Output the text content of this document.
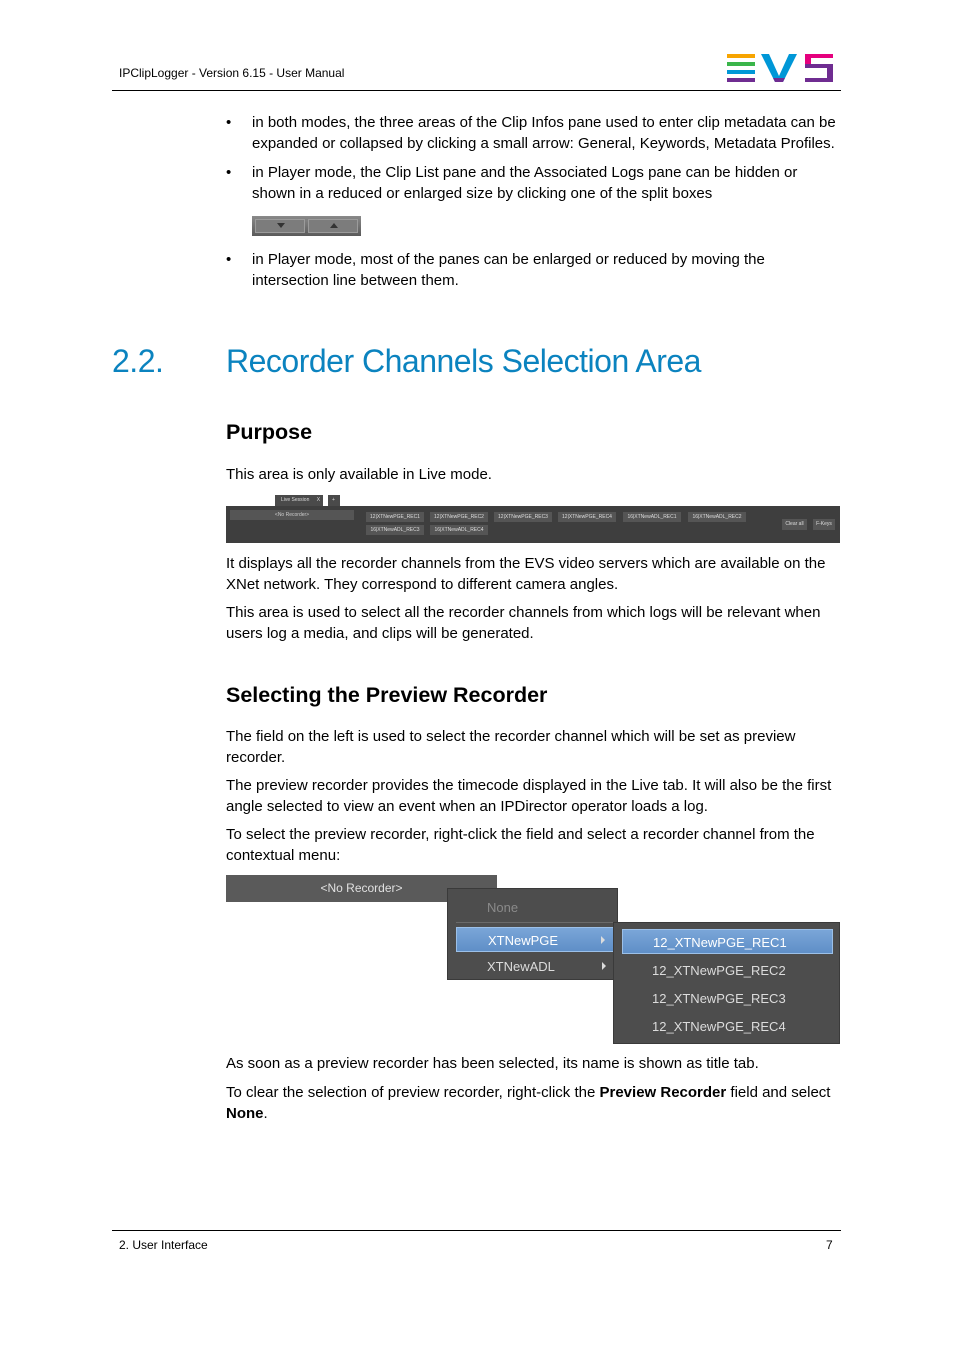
IPClipLogger - Version 6.15 - User Manual
• in both modes, the three areas of the Clip Infos pane used to enter clip metadata can be expanded or collapsed by clicking a small arrow: General, Keywords, Metadata Profiles.
• in Player mode, the Clip List pane and the Associated Logs pane can be hidden or shown in a reduced or enlarged size by clicking one of the split boxes
• in Player mode, most of the panes can be enlarged or reduced by moving the intersection line between them.
2.2. Recorder Channels Selection Area
Purpose
This area is only available in Live mode.
Live Session X	+
<No Recorder>	12|XTNewPGE_REC1	12|XTNewPGE_REC2	12|XTNewPGE_REC3	12|XTNewPGE_REC4	16|XTNewADL_REC1	16|XTNewADL_REC2
16|XTNewADL_REC3	16|XTNewADL_REC4
Clear all	F-Keys
It displays all the recorder channels from the EVS video servers which are available on the XNet network. They correspond to different camera angles.
This area is used to select all the recorder channels from which logs will be relevant when users log a media, and clips will be generated.
Selecting the Preview Recorder
The field on the left is used to select the recorder channel which will be set as preview recorder.
The preview recorder provides the timecode displayed in the Live tab. It will also be the first angle selected to view an event when an IPDirector operator loads a log.
To select the preview recorder, right-click the field and select a recorder channel from the contextual menu:
<No Recorder>
None
XTNewPGE
XTNewADL
12_XTNewPGE_REC1
12_XTNewPGE_REC2
12_XTNewPGE_REC3
12_XTNewPGE_REC4
As soon as a preview recorder has been selected, its name is shown as title tab.
To clear the selection of preview recorder, right-click the Preview Recorder field and select None.
2. User Interface	7
